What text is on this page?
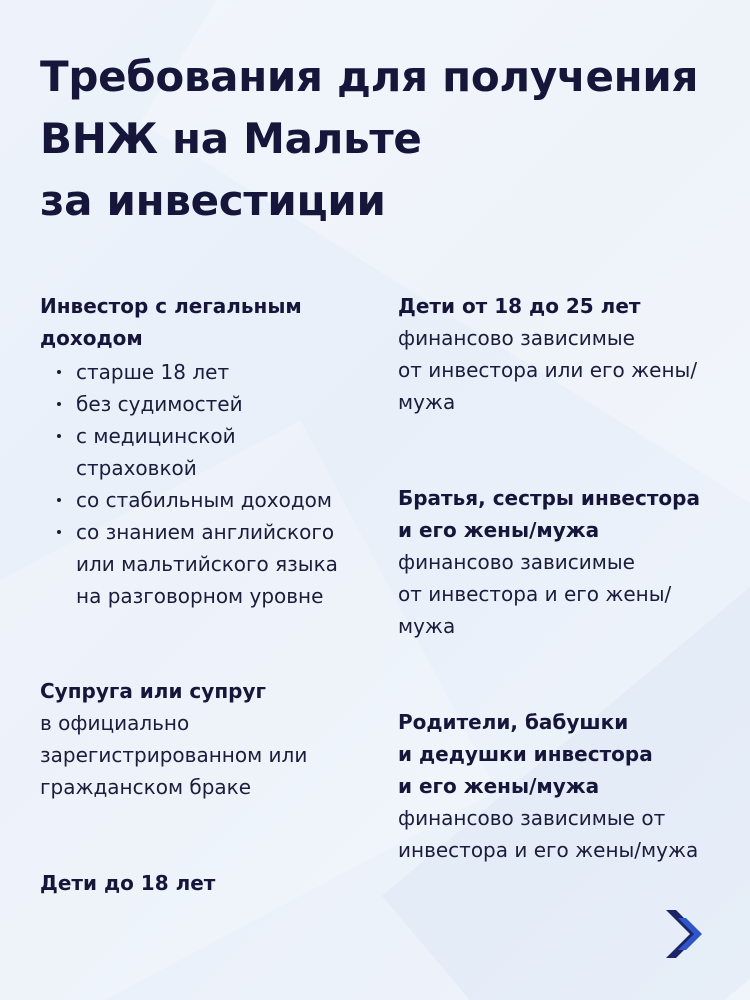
Требования для получения
ВНЖ на Мальте
за инвестиции
Инвестор с легальным
доходом
старше 18 лет
без судимостей
с медицинской
страховкой
со стабильным доходом
со знанием английского
или мальтийского языка
на разговорном уровне
Супруга или супруг
в официально
зарегистрированном или
гражданском браке
Дети до 18 лет
Дети от 18 до 25 лет
финансово зависимые
от инвестора или его жены/
мужа
Братья, сестры инвестора
и его жены/мужа
финансово зависимые
от инвестора и его жены/
мужа
Родители, бабушки
и дедушки инвестора
и его жены/мужа
финансово зависимые от
инвестора и его жены/мужа
